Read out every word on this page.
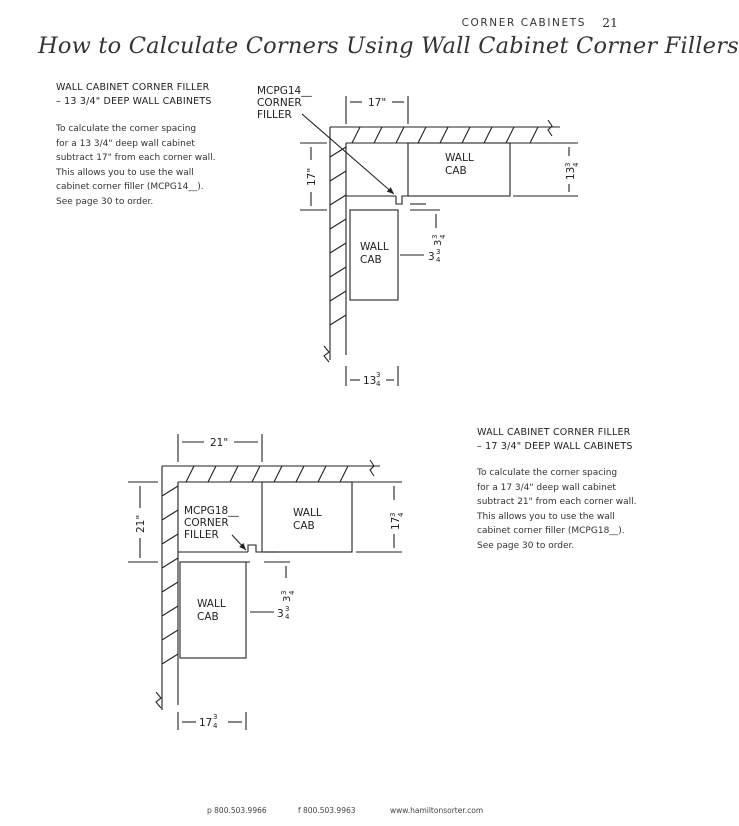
CORNER CABINETS 21
How to Calculate Corners Using Wall Cabinet Corner Fillers
WALL CABINET CORNER FILLER
– 13 3/4" DEEP WALL CABINETS
To calculate the corner spacing
for a 13 3/4" deep wall cabinet
subtract 17" from each corner wall.
This allows you to use the wall
cabinet corner filler (MCPG14__).
See page 30 to order.
WALL CABINET CORNER FILLER
– 17 3/4" DEEP WALL CABINETS
To calculate the corner spacing
for a 17 3/4" deep wall cabinet
subtract 21" from each corner wall.
This allows you to use the wall
cabinet corner filler (MCPG18__).
See page 30 to order.
MCPG14__
CORNER
FILLER
WALL
CAB
WALL
CAB
17"
17"	13
3 4
13 3
4
3
3 4
3 3
4
MCPG18__
CORNER
FILLER
WALL
CAB
WALL
CAB
21"
21"	17
3 4
17 3
4
3
3 4
3 3
4
p 800.503.9966	f 800.503.9963	www.hamiltonsorter.com
